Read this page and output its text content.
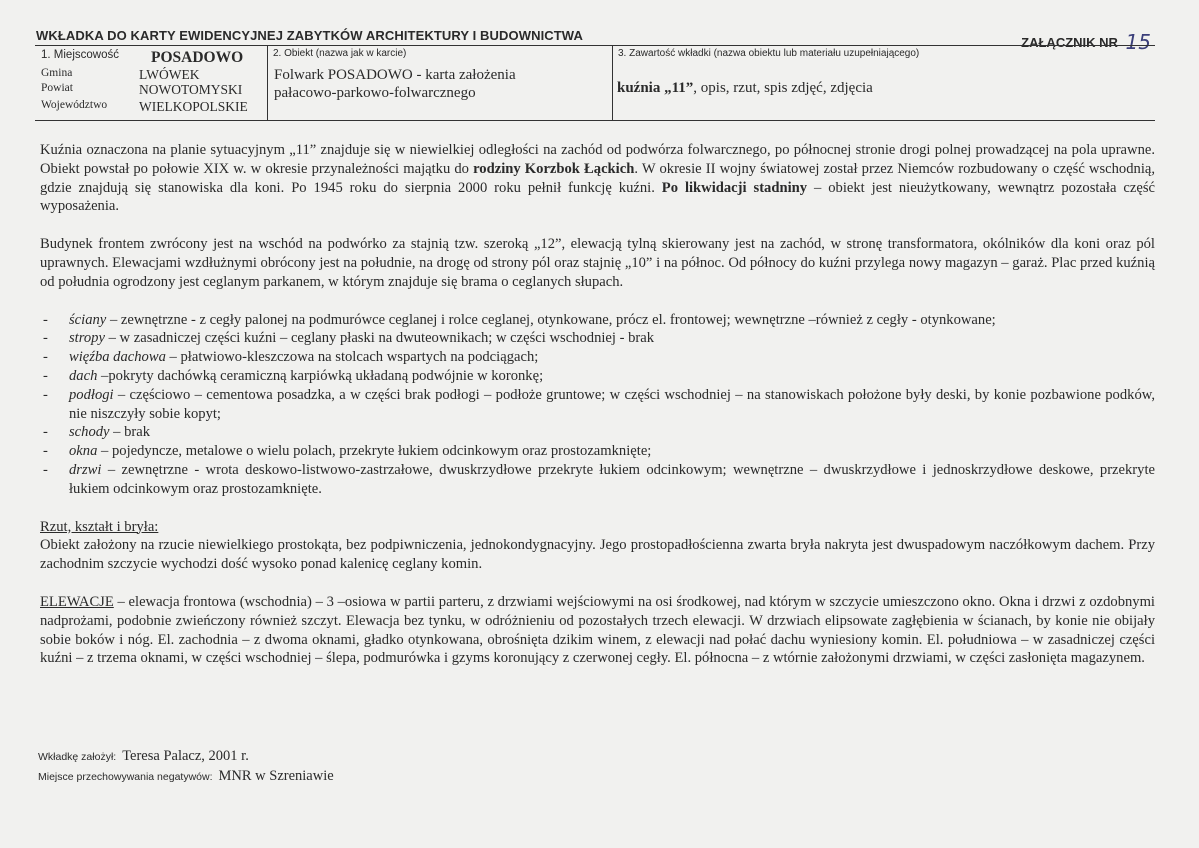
WKŁADKA DO KARTY EWIDENCYJNEJ ZABYTKÓW ARCHITEKTURY I BUDOWNICTWA	ZAŁĄCZNIK NR 15
1. Miejscowość	POSADOWO
Gmina	LWÓWEK
Powiat	NOWOTOMYSKI
Województwo	WIELKOPOLSKIE
2. Obiekt (nazwa jak w karcie)
Folwark POSADOWO - karta założenia
pałacowo-parkowo-folwarcznego
3. Zawartość wkładki (nazwa obiektu lub materiału uzupełniającego)
kuźnia „11”, opis, rzut, spis zdjęć, zdjęcia

Kuźnia oznaczona na planie sytuacyjnym „11” znajduje się w niewielkiej odległości na zachód od podwórza folwarcznego, po północnej stronie drogi polnej prowadzącej na pola uprawne. Obiekt powstał po połowie XIX w. w okresie przynależności majątku do rodziny Korzbok Łąckich. W okresie II wojny światowej został przez Niemców rozbudowany o część wschodnią, gdzie znajdują się stanowiska dla koni. Po 1945 roku do sierpnia 2000 roku pełnił funkcję kuźni. Po likwidacji stadniny – obiekt jest nieużytkowany, wewnątrz pozostała część wyposażenia.

Budynek frontem zwrócony jest na wschód na podwórko za stajnią tzw. szeroką „12”, elewacją tylną skierowany jest na zachód, w stronę transformatora, okólników dla koni oraz pól uprawnych. Elewacjami wzdłużnymi obrócony jest na południe, na drogę od strony pól oraz stajnię „10” i na północ. Od północy do kuźni przylega nowy magazyn – garaż. Plac przed kuźnią od południa ogrodzony jest ceglanym parkanem, w którym znajduje się brama o ceglanych słupach.

- ściany – zewnętrzne - z cegły palonej na podmurówce ceglanej i rolce ceglanej, otynkowane, prócz el. frontowej; wewnętrzne –również z cegły - otynkowane;
- stropy – w zasadniczej części kuźni – ceglany płaski na dwuteownikach; w części wschodniej - brak
- więźba dachowa – płatwiowo-kleszczowa na stolcach wspartych na podciągach;
- dach –pokryty dachówką ceramiczną karpiówką układaną podwójnie w koronkę;
- podłogi – częściowo – cementowa posadzka, a w części brak podłogi – podłoże gruntowe; w części wschodniej – na stanowiskach położone były deski, by konie pozbawione podków, nie niszczyły sobie kopyt;
- schody – brak
- okna – pojedyncze, metalowe o wielu polach, przekryte łukiem odcinkowym oraz prostozamknięte;
- drzwi – zewnętrzne - wrota deskowo-listwowo-zastrzałowe, dwuskrzydłowe przekryte łukiem odcinkowym; wewnętrzne – dwuskrzydłowe i jednoskrzydłowe deskowe, przekryte łukiem odcinkowym oraz prostozamknięte.
Rzut, kształt i bryła:

Obiekt założony na rzucie niewielkiego prostokąta, bez podpiwniczenia, jednokondygnacyjny. Jego prostopadłościenna zwarta bryła nakryta jest dwuspadowym naczółkowym dachem. Przy zachodnim szczycie wychodzi dość wysoko ponad kalenicę ceglany komin.

ELEWACJE – elewacja frontowa (wschodnia) – 3 –osiowa w partii parteru, z drzwiami wejściowymi na osi środkowej, nad którym w szczycie umieszczono okno. Okna i drzwi z ozdobnymi nadprożami, podobnie zwieńczony również szczyt. Elewacja bez tynku, w odróżnieniu od pozostałych trzech elewacji. W drzwiach elipsowate zagłębienia w ścianach, by konie nie obijały sobie boków i nóg. El. zachodnia – z dwoma oknami, gładko otynkowana, obrośnięta dzikim winem, z elewacji nad połać dachu wyniesiony komin. El. południowa – w zasadniczej części kuźni – z trzema oknami, w części wschodniej – ślepa, podmurówka i gzyms koronujący z czerwonej cegły. El. północna – z wtórnie założonymi drzwiami, w części zasłonięta magazynem.

Wkładkę założył: Teresa Palacz, 2001 r.
Miejsce przechowywania negatywów: MNR w Szreniawie
